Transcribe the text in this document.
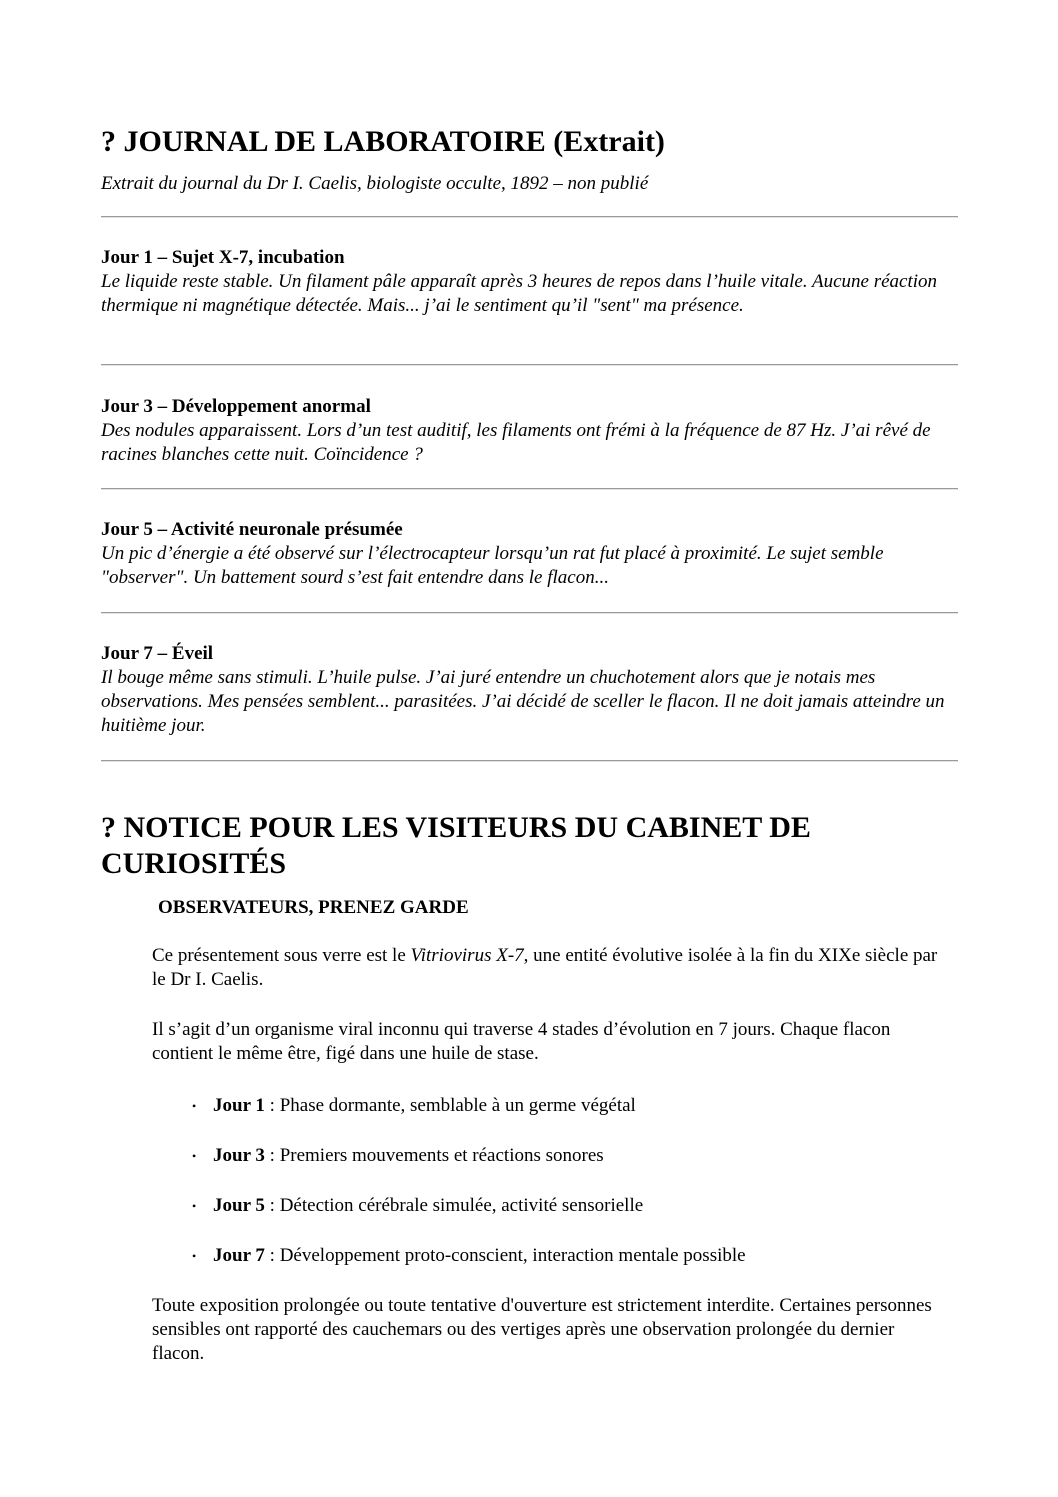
? JOURNAL DE LABORATOIRE (Extrait)
Extrait du journal du Dr I. Caelis, biologiste occulte, 1892 – non publié
Jour 1 – Sujet X-7, incubation
Le liquide reste stable. Un filament pâle apparaît après 3 heures de repos dans l’huile vitale. Aucune réaction thermique ni magnétique détectée. Mais... j’ai le sentiment qu’il "sent" ma présence.
Jour 3 – Développement anormal
Des nodules apparaissent. Lors d’un test auditif, les filaments ont frémi à la fréquence de 87 Hz. J’ai rêvé de racines blanches cette nuit. Coïncidence ?
Jour 5 – Activité neuronale présumée
Un pic d’énergie a été observé sur l’électrocapteur lorsqu’un rat fut placé à proximité. Le sujet semble "observer". Un battement sourd s’est fait entendre dans le flacon...
Jour 7 – Éveil
Il bouge même sans stimuli. L’huile pulse. J’ai juré entendre un chuchotement alors que je notais mes observations. Mes pensées semblent... parasitées. J’ai décidé de sceller le flacon. Il ne doit jamais atteindre un huitième jour.
? NOTICE POUR LES VISITEURS DU CABINET DE CURIOSITÉS
OBSERVATEURS, PRENEZ GARDE
Ce présentement sous verre est le Vitriovirus X-7, une entité évolutive isolée à la fin du XIXe siècle par le Dr I. Caelis.
Il s’agit d’un organisme viral inconnu qui traverse 4 stades d’évolution en 7 jours. Chaque flacon contient le même être, figé dans une huile de stase.
• Jour 1 : Phase dormante, semblable à un germe végétal
• Jour 3 : Premiers mouvements et réactions sonores
• Jour 5 : Détection cérébrale simulée, activité sensorielle
• Jour 7 : Développement proto-conscient, interaction mentale possible
Toute exposition prolongée ou toute tentative d'ouverture est strictement interdite. Certaines personnes sensibles ont rapporté des cauchemars ou des vertiges après une observation prolongée du dernier flacon.
